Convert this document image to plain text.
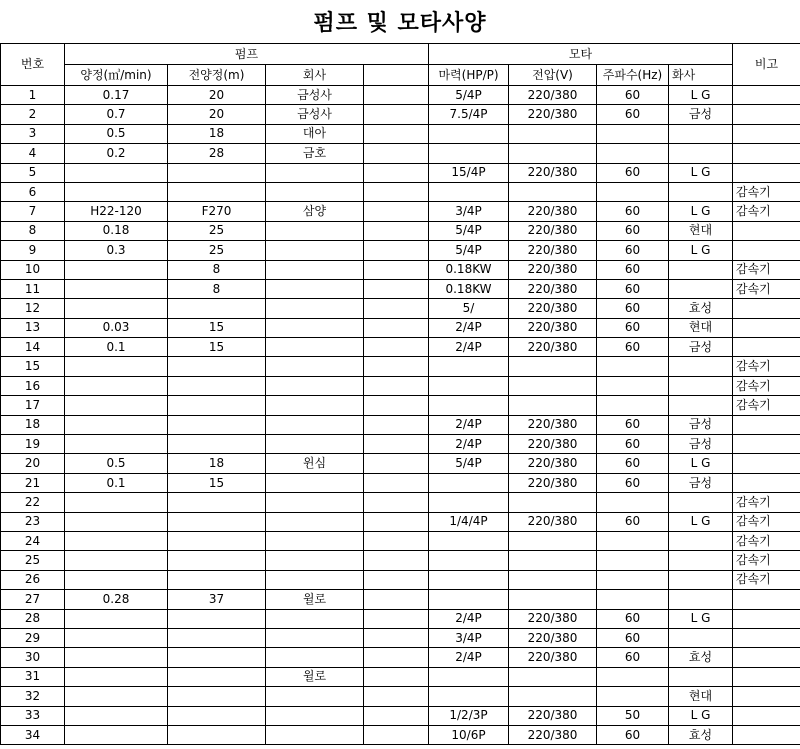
펌프 및 모타사양
번호	펌프				모타				비고
	양정(㎥/min)	전양정(m)	회사		마력(HP/P)	전압(V)	주파수(Hz)	화사	
1	0.17	20	금성사		5/4P	220/380	60	L G	
2	0.7	20	금성사		7.5/4P	220/380	60	금성	
3	0.5	18	대아						
4	0.2	28	금호						
5					15/4P	220/380	60	L G	
6									감속기
7	H22-120	F270	삼양		3/4P	220/380	60	L G	감속기
8	0.18	25			5/4P	220/380	60	현대	
9	0.3	25			5/4P	220/380	60	L G	
10		8			0.18KW	220/380	60		감속기
11		8			0.18KW	220/380	60		감속기
12					5/	220/380	60	효성	
13	0.03	15			2/4P	220/380	60	현대	
14	0.1	15			2/4P	220/380	60	금성	
15									감속기
16									감속기
17									감속기
18					2/4P	220/380	60	금성	
19					2/4P	220/380	60	금성	
20	0.5	18	윈심		5/4P	220/380	60	L G	
21	0.1	15				220/380	60	금성	
22									감속기
23					1/4/4P	220/380	60	L G	감속기
24									감속기
25									감속기
26									감속기
27	0.28	37	윌로						
28					2/4P	220/380	60	L G	
29					3/4P	220/380	60		
30					2/4P	220/380	60	효성	
31			윌로						
32								현대	
33					1/2/3P	220/380	50	L G	
34					10/6P	220/380	60	효성	
